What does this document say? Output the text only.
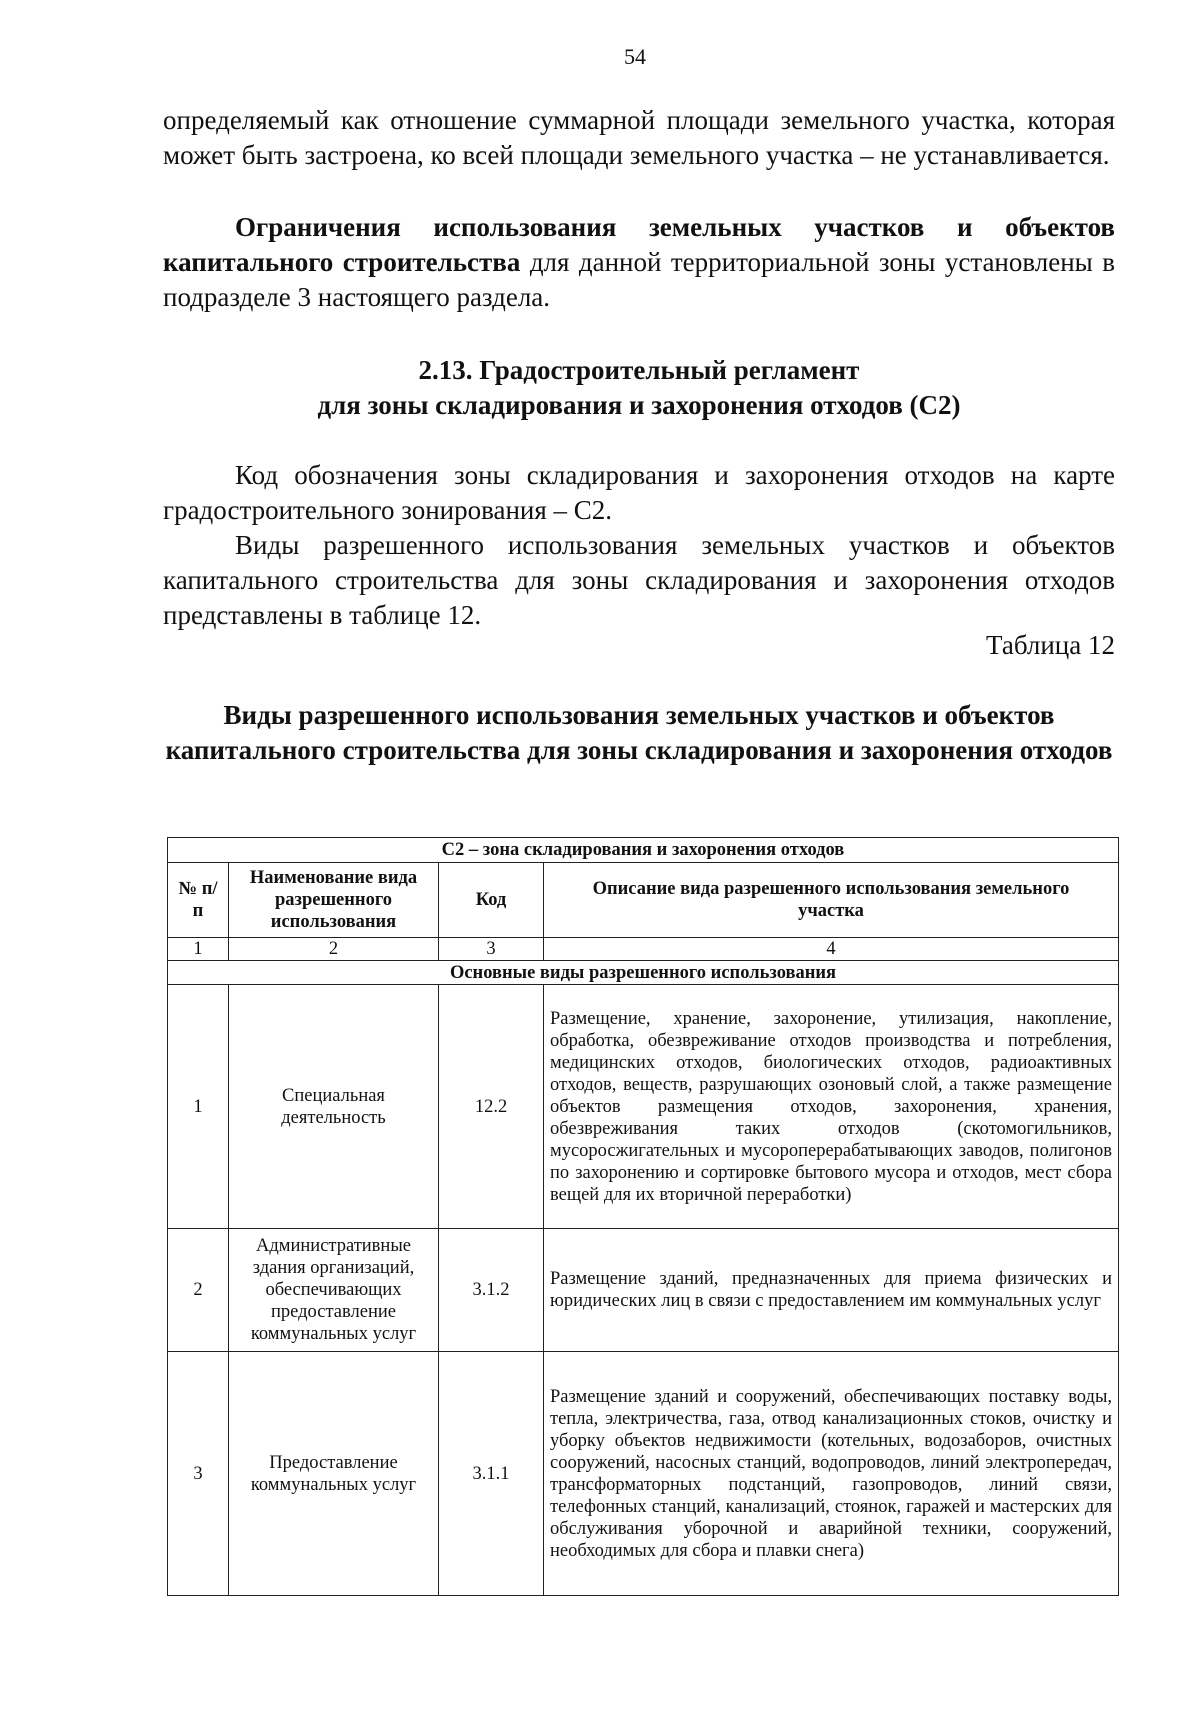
54

определяемый как отношение суммарной площади земельного участка, которая может быть застроена, ко всей площади земельного участка – не устанавливается.

Ограничения использования земельных участков и объектов капитального строительства для данной территориальной зоны установлены в подразделе 3 настоящего раздела.

2.13. Градостроительный регламент
для зоны складирования и захоронения отходов (С2)

Код обозначения зоны складирования и захоронения отходов на карте градостроительного зонирования – С2.

Виды разрешенного использования земельных участков и объектов капитального строительства для зоны складирования и захоронения отходов представлены в таблице 12.

Таблица 12

Виды разрешенного использования земельных участков и объектов капитального строительства для зоны складирования и захоронения отходов

С2 – зона складирования и захоронения отходов			
№ п/п	Наименование вида разрешенного использования	Код	Описание вида разрешенного использования земельного участка
1	2	3	4
Основные виды разрешенного использования			
1	Специальная деятельность	12.2	Размещение, хранение, захоронение, утилизация, накопление, обработка, обезвреживание отходов производства и потребления, медицинских отходов, биологических отходов, радиоактивных отходов, веществ, разрушающих озоновый слой, а также размещение объектов размещения отходов, захоронения, хранения, обезвреживания таких отходов (скотомогильников, мусоросжигательных и мусороперерабатывающих заводов, полигонов по захоронению и сортировке бытового мусора и отходов, мест сбора вещей для их вторичной переработки)
2	Административные здания организаций, обеспечивающих предоставление коммунальных услуг	3.1.2	Размещение зданий, предназначенных для приема физических и юридических лиц в связи с предоставлением им коммунальных услуг
3	Предоставление коммунальных услуг	3.1.1	Размещение зданий и сооружений, обеспечивающих поставку воды, тепла, электричества, газа, отвод канализационных стоков, очистку и уборку объектов недвижимости (котельных, водозаборов, очистных сооружений, насосных станций, водопроводов, линий электропередач, трансформаторных подстанций, газопроводов, линий связи, телефонных станций, канализаций, стоянок, гаражей и мастерских для обслуживания уборочной и аварийной техники, сооружений, необходимых для сбора и плавки снега)
